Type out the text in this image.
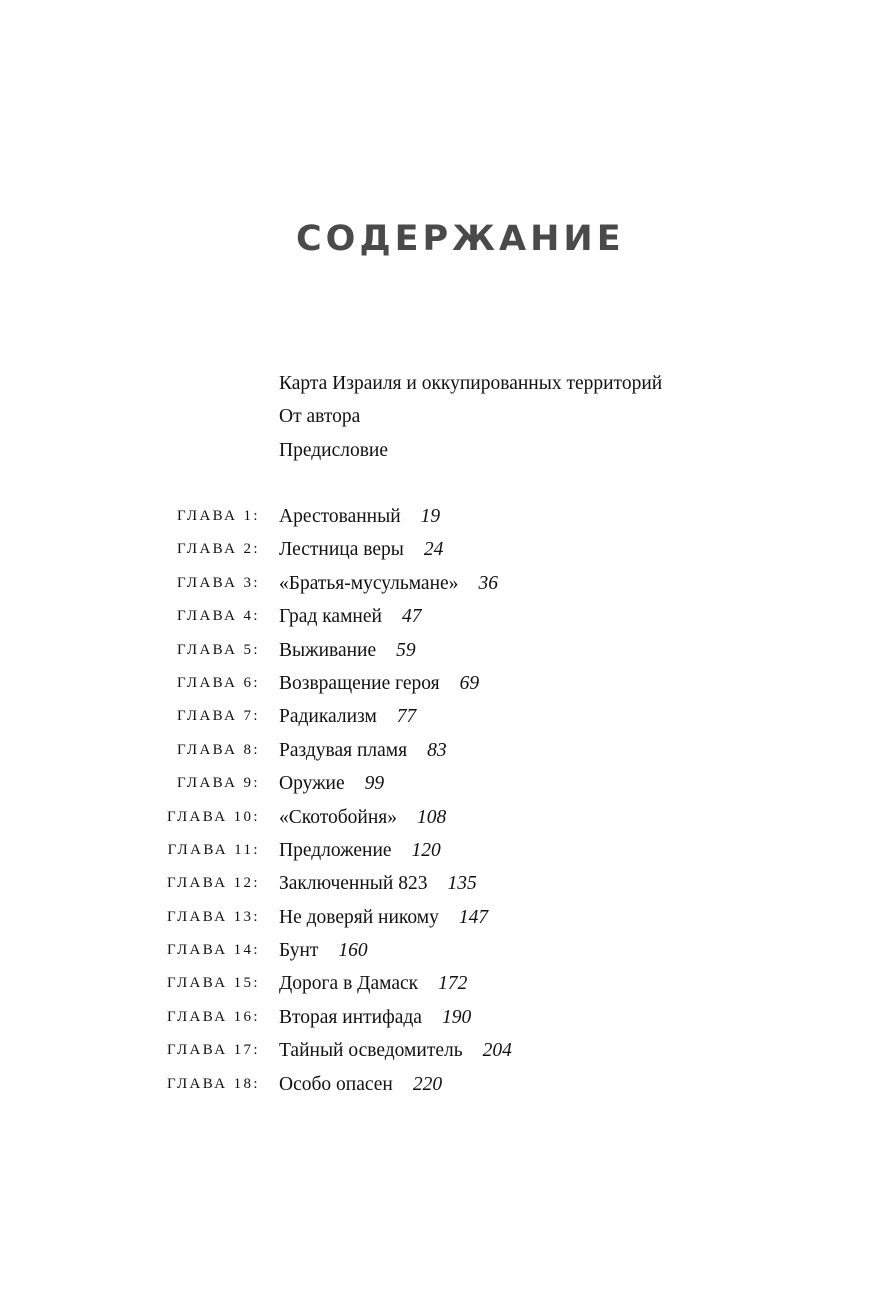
СОДЕРЖАНИЕ
Карта Израиля и оккупированных территорий
От автора
Предисловие
ГЛАВА 1: Арестованный 19
ГЛАВА 2: Лестница веры 24
ГЛАВА 3: «Братья-мусульмане» 36
ГЛАВА 4: Град камней 47
ГЛАВА 5: Выживание 59
ГЛАВА 6: Возвращение героя 69
ГЛАВА 7: Радикализм 77
ГЛАВА 8: Раздувая пламя 83
ГЛАВА 9: Оружие 99
ГЛАВА 10: «Скотобойня» 108
ГЛАВА 11: Предложение 120
ГЛАВА 12: Заключенный 823 135
ГЛАВА 13: Не доверяй никому 147
ГЛАВА 14: Бунт 160
ГЛАВА 15: Дорога в Дамаск 172
ГЛАВА 16: Вторая интифада 190
ГЛАВА 17: Тайный осведомитель 204
ГЛАВА 18: Особо опасен 220
